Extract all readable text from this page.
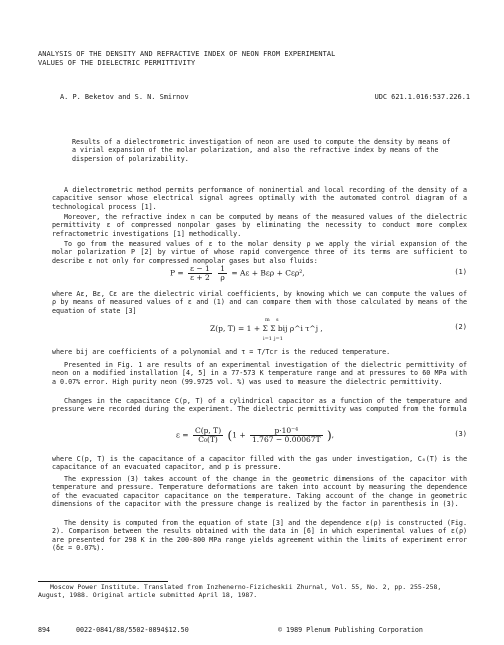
ANALYSIS OF THE DENSITY AND REFRACTIVE INDEX OF NEON FROM EXPERIMENTAL
VALUES OF THE DIELECTRIC PERMITTIVITY
A. P. Beketov and S. N. Smirnov	UDC 621.1.016:537.226.1
Results of a dielectrometric investigation of neon are used to compute the density by means of a virial expansion of the molar polarization, and also the refractive index by means of the dispersion of polarizability.
A dielectrometric method permits performance of noninertial and local recording of the density of a capacitive sensor whose electrical signal agrees optimally with the automated control diagram of a technological process [1].
Moreover, the refractive index n can be computed by means of the measured values of the dielectric permittivity ε of compressed nonpolar gases by eliminating the necessity to conduct more complex refractometric investigations [1] methodically.
To go from the measured values of ε to the molar density ρ we apply the virial expansion of the molar polarization P [2] by virtue of whose rapid convergence three of its terms are sufficient to describe ε not only for compressed nonpolar gases but also fluids:
$P = \frac{\varepsilon - 1}{\varepsilon + 2}$
$\frac{1}{\rho} = A\varepsilon + B\varepsilon\rho + C\varepsilon\rho^2$,	(1)
where Aε, Bε, Cε are the dielectric virial coefficients, by knowing which we can compute the values of ρ by means of measured values of ε and (1) and can compare them with those calculated by means of the equation of state [3]
Z(p, T) = 1 + Σ Σ bij ρ^i τ^j ,
m
i=1
s
j=1
(2)
where bij are coefficients of a polynomial and τ = T/Tcr is the reduced temperature.
Presented in Fig. 1 are results of an experimental investigation of the dielectric permittivity of neon on a modified installation [4, 5] in a 77-573 K temperature range and at pressures to 60 MPa with a 0.07% error. High purity neon (99.9725 vol. %) was used to measure the dielectric permittivity.
Changes in the capacitance C(p, T) of a cylindrical capacitor as a function of the temperature and pressure were recorded during the experiment. The dielectric permittivity was computed from the formula
$\varepsilon = \frac{C(p, T)}{\text{C₀(T)}} (1 + \frac{\text{p·10⁻⁴}}{1.767 - 0.00067T}$ ),	(3)
where C(p, T) is the capacitance of a capacitor filled with the gas under investigation, C₀(T) is the capacitance of an evacuated capacitor, and p is pressure.
The expression (3) takes account of the change in the geometric dimensions of the capacitor with temperature and pressure. Temperature deformations are taken into account by measuring the dependence of the evacuated capacitor capacitance on the temperature. Taking account of the change in geometric dimensions of the capacitor with the pressure change is realized by the factor in parenthesis in (3).
The density is computed from the equation of state [3] and the dependence ε(ρ) is constructed (Fig. 2). Comparison between the results obtained with the data in [6] in which experimental values of ε(ρ) are presented for 298 K in the 200-800 MPa range yields agreement within the limits of experiment error (δε = 0.07%).
Moscow Power Institute. Translated from Inzhenerno-Fizicheskii Zhurnal, Vol. 55, No. 2, pp. 255-258, August, 1988. Original article submitted April 18, 1987.
894	0022-0841/88/5502-0894$12.50	© 1989 Plenum Publishing Corporation
